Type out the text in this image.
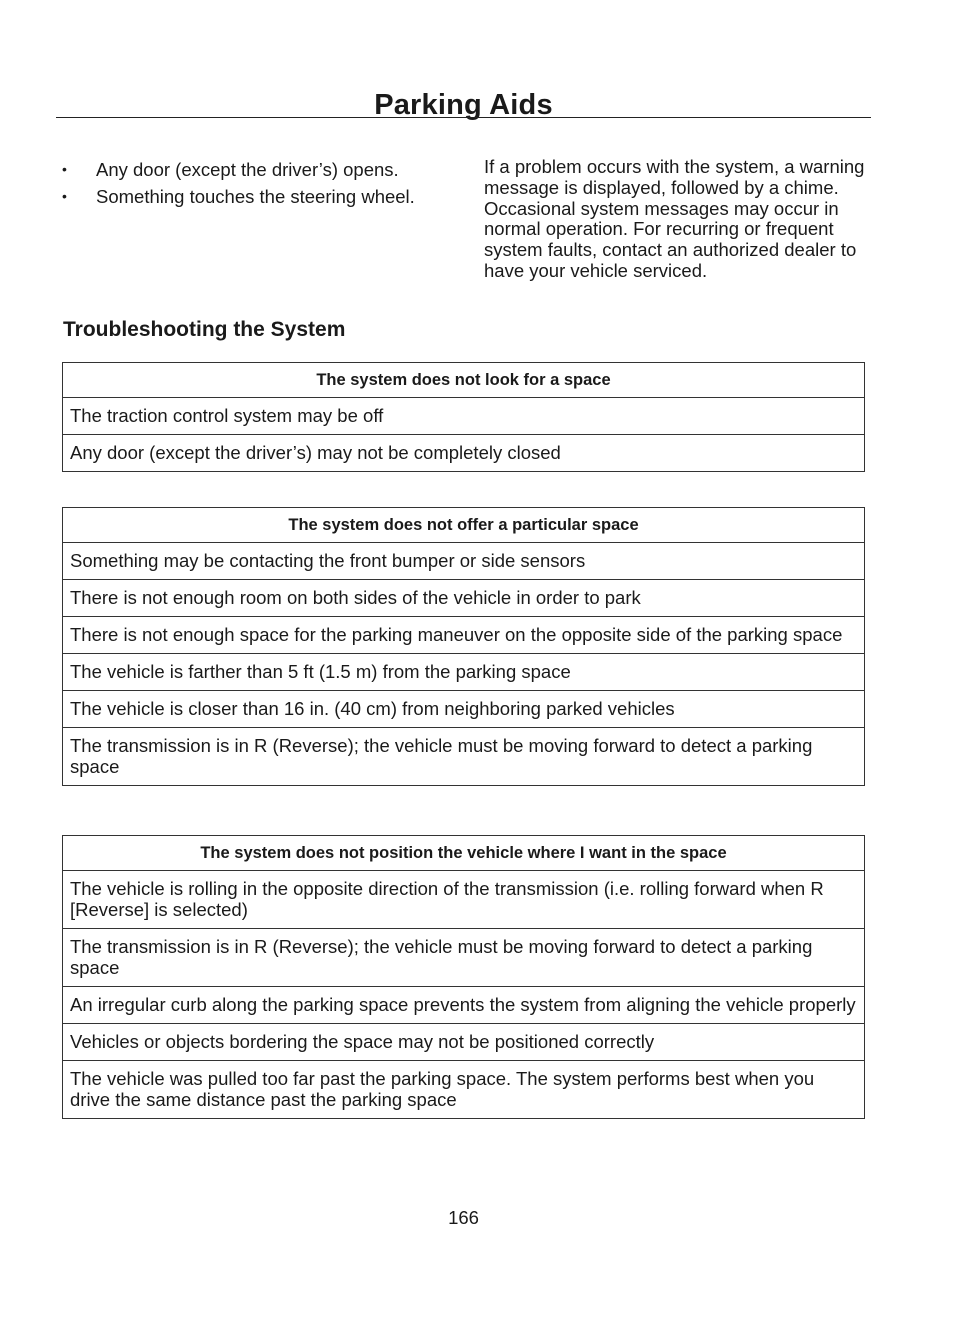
Parking Aids
• Any door (except the driver’s) opens.
• Something touches the steering wheel.

If a problem occurs with the system, a warning message is displayed, followed by a chime. Occasional system messages may occur in normal operation. For recurring or frequent system faults, contact an authorized dealer to have your vehicle serviced.

Troubleshooting the System
The system does not look for a space
The traction control system may be off
Any door (except the driver’s) may not be completely closed
The system does not offer a particular space
Something may be contacting the front bumper or side sensors
There is not enough room on both sides of the vehicle in order to park
There is not enough space for the parking maneuver on the opposite side of the parking space
The vehicle is farther than 5 ft (1.5 m) from the parking space
The vehicle is closer than 16 in. (40 cm) from neighboring parked vehicles
The transmission is in R (Reverse); the vehicle must be moving forward to detect a parking space
The system does not position the vehicle where I want in the space
The vehicle is rolling in the opposite direction of the transmission (i.e. rolling forward when R [Reverse] is selected)
The transmission is in R (Reverse); the vehicle must be moving forward to detect a parking space
An irregular curb along the parking space prevents the system from aligning the vehicle properly
Vehicles or objects bordering the space may not be positioned correctly
The vehicle was pulled too far past the parking space. The system performs best when you drive the same distance past the parking space
166
